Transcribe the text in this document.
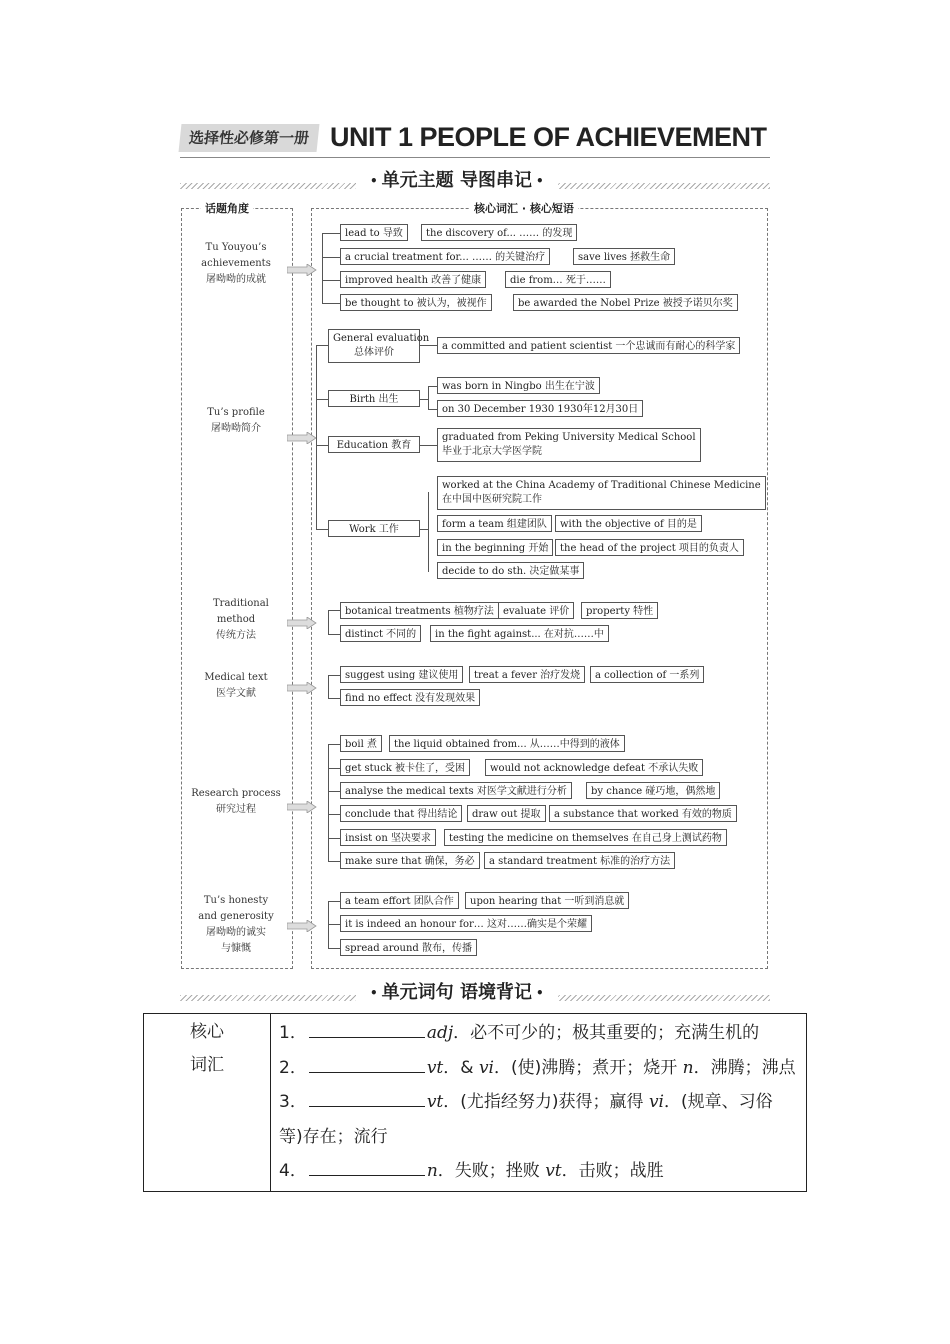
选择性必修第一册 UNIT 1 PEOPLE OF ACHIEVEMENT
• 单元主题 导图串记 •
话题角度	核心词汇 · 核心短语
Tu Youyou’s achievements
屠呦呦的成就
Tu’s profile
屠呦呦简介
Traditional method
传统方法
Medical text
医学文献
Research process
研究过程
Tu’s honesty and generosity
屠呦呦的诚实与慷慨
lead to 导致	the discovery of... …… 的发现
a crucial treatment for... …… 的关键治疗	save lives 拯救生命
improved health 改善了健康	die from… 死于……
be thought to 被认为，被视作	be awarded the Nobel Prize 被授予诺贝尔奖
General evaluation
总体评价
a committed and patient scientist 一个忠诚而有耐心的科学家
Birth 出生
was born in Ningbo 出生在宁波
on 30 December 1930 1930年12月30日
Education 教育
graduated from Peking University Medical School
毕业于北京大学医学院
Work 工作
worked at the China Academy of Traditional Chinese Medicine
在中国中医研究院工作
form a team 组建团队	with the objective of 目的是
in the beginning 开始	the head of the project 项目的负责人
decide to do sth. 决定做某事
botanical treatments 植物疗法 evaluate 评价	property 特性
distinct 不同的	in the fight against... 在对抗……中
suggest using 建议使用	treat a fever 治疗发烧	a collection of 一系列
find no effect 没有发现效果
boil 煮	the liquid obtained from... 从……中得到的液体
get stuck 被卡住了，受困	would not acknowledge defeat 不承认失败
analyse the medical texts 对医学文献进行分析	by chance 碰巧地，偶然地
conclude that 得出结论	draw out 提取	a substance that worked 有效的物质
insist on 坚决要求	testing the medicine on themselves 在自己身上测试药物
make sure that 确保，务必	a standard treatment 标准的治疗方法
a team effort 团队合作	upon hearing that 一听到消息就
it is indeed an honour for… 这对……确实是个荣耀
spread around 散布，传播
• 单元词句 语境背记 •
核心词汇

1．	adj．必不可少的；极其重要的；充满生机的
2．	vt．& vi．(使)沸腾；煮开；烧开 n．沸腾；沸点
3．	vt．(尤指经努力)获得；赢得 vi．(规章、习俗等)存在；流行
4．	n．失败；挫败 vt．击败；战胜
